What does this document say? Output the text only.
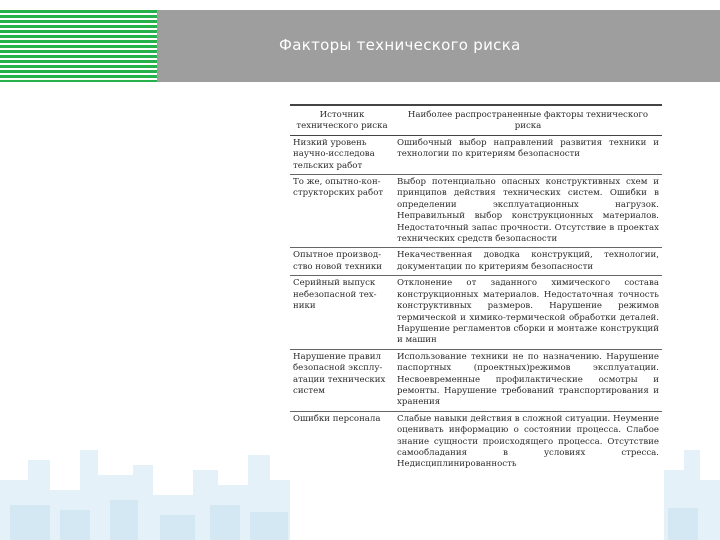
Факторы технического риска
Источник технического риска	Наиболее распространенные факторы технического риска
Низкий уровень научно-исследова тельских работ	Ошибочный выбор направлений развития техники и технологии по критериям безопасности
То же, опытно-кон-структорских работ	Выбор потенциально опасных конструктивных схем и принципов действия технических систем. Ошибки в определении эксплуатационных нагрузок. Неправильный выбор конструкционных материалов. Недостаточный запас прочности. Отсутствие в проектах технических средств безопасности
Опытное производ-ство новой техники	Некачественная доводка конструкций, технологии, документации по критериям безопасности
Серийный выпуск небезопасной тех-ники	Отклонение от заданного химического состава конструкционных материалов. Недостаточная точность конструктивных размеров. Нарушение режимов термической и химико-термической обработки деталей. Нарушение регламентов сборки и монтаже конструкций и машин
Нарушение правил безопасной эксплу-атации технических систем	Использование техники не по назначению. Нарушение паспортных (проектных)режимов эксплуатации. Несвоевременные профилактические осмотры и ремонты. Нарушение требований транспортирования и хранения
Ошибки персонала	Слабые навыки действия в сложной ситуации. Неумение оценивать информацию о состоянии процесса. Слабое знание сущности происходящего процесса. Отсутствие самообладания в условиях стресса. Недисциплинированность
